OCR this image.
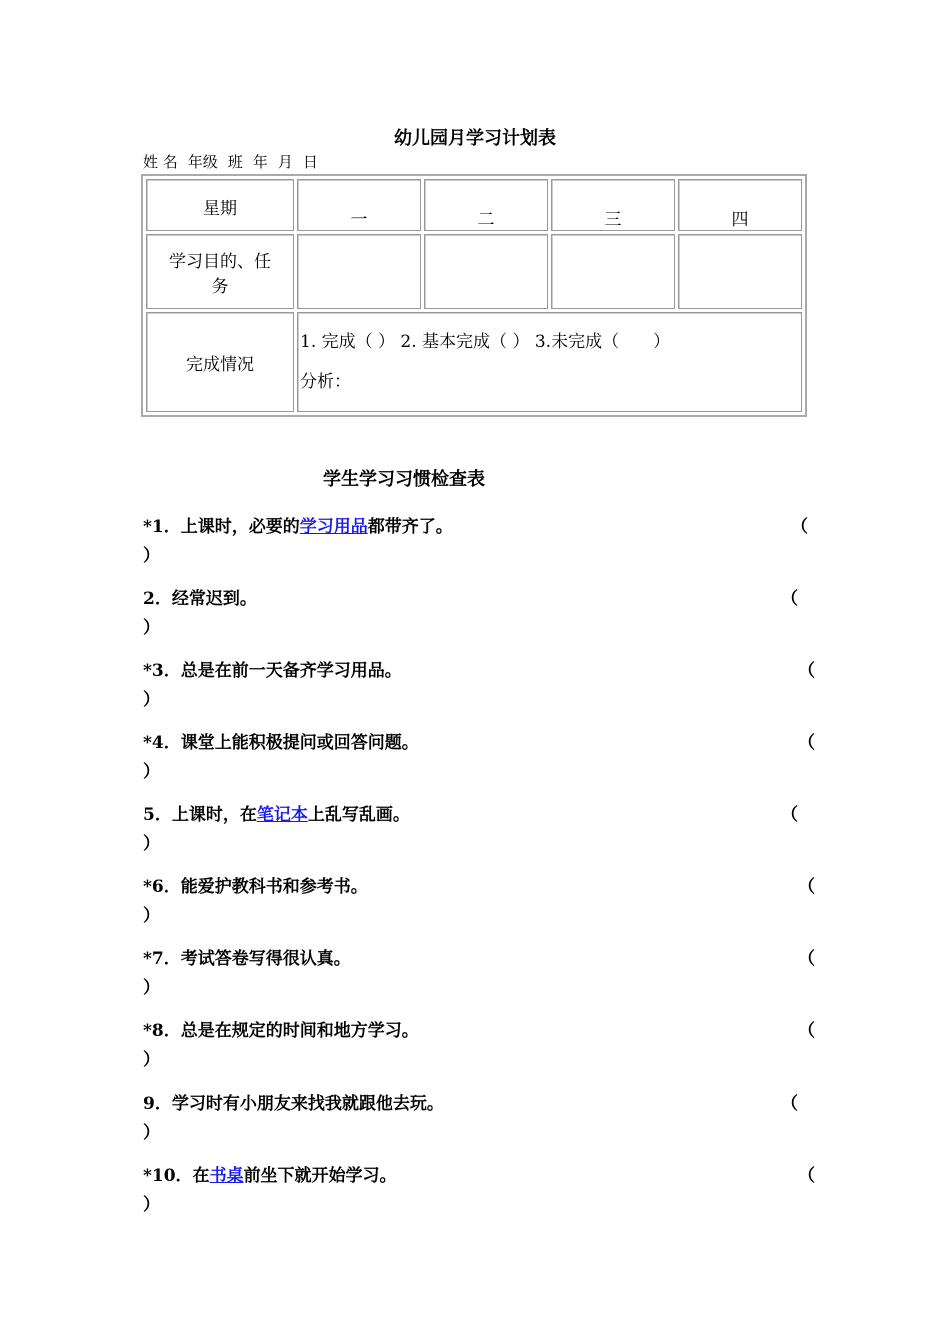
幼儿园月学习计划表
姓 名 年级 班 年 月 日
星期	一	二	三	四
学习目的、任务				
完成情况	1. 完成（ ） 2. 基本完成（ ） 3.未完成（　　）
分析：			
学生学习习惯检查表
*1．上课时，必要的学习用品都带齐了。	（
）
2．经常迟到。	（
）
*3．总是在前一天备齐学习用品。	（
）
*4．课堂上能积极提问或回答问题。	（
）
5．上课时，在笔记本上乱写乱画。	（
）
*6．能爱护教科书和参考书。	（
）
*7．考试答卷写得很认真。	（
）
*8．总是在规定的时间和地方学习。	（
）
9．学习时有小朋友来找我就跟他去玩。	（
）
*10．在书桌前坐下就开始学习。	（
）
